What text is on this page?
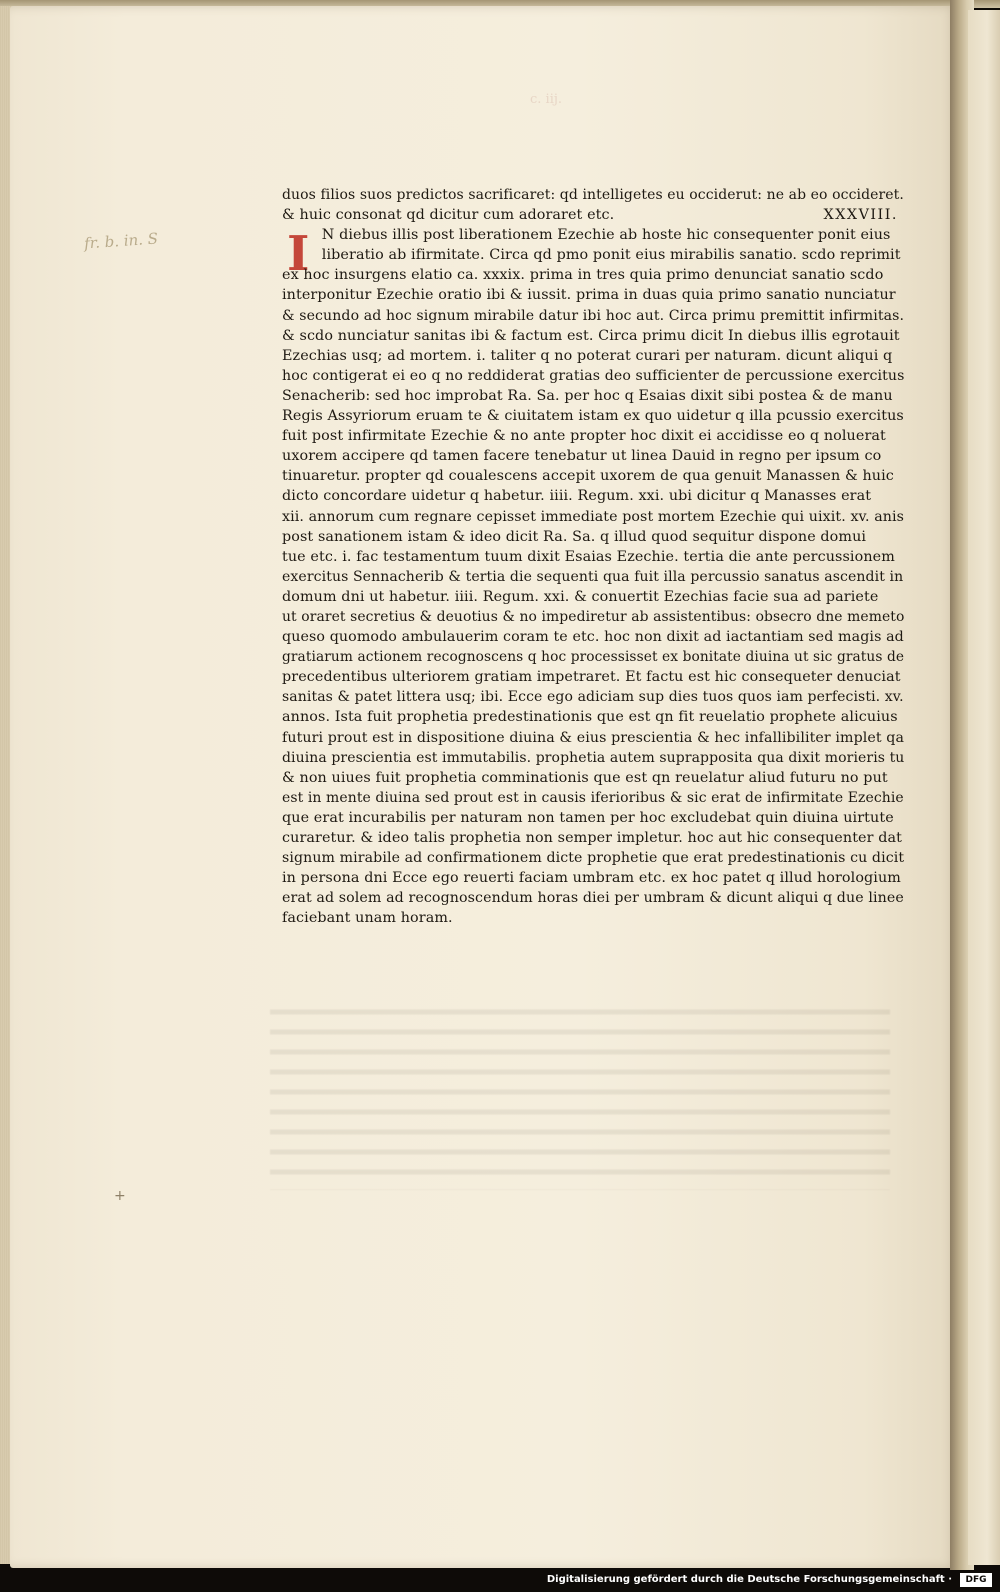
c. iij.
fr. b. in. S	I
duos filios suos predictos sacrificaret: qd intelligetes eu occiderut: ne ab eo occideret.
& huic consonat qd dicitur cum adoraret etc.	XXXVIII.
N diebus illis post liberationem Ezechie ab hoste hic consequenter ponit eius
liberatio ab ifirmitate. Circa qd pmo ponit eius mirabilis sanatio. scdo reprimit
ex hoc insurgens elatio ca. xxxix. prima in tres quia primo denunciat sanatio scdo
interponitur Ezechie oratio ibi & iussit. prima in duas quia primo sanatio nunciatur
& secundo ad hoc signum mirabile datur ibi hoc aut. Circa primu premittit infirmitas.
& scdo nunciatur sanitas ibi & factum est. Circa primu dicit In diebus illis egrotauit
Ezechias usq; ad mortem. i. taliter q no poterat curari per naturam. dicunt aliqui q
hoc contigerat ei eo q no reddiderat gratias deo sufficienter de percussione exercitus
Senacherib: sed hoc improbat Ra. Sa. per hoc q Esaias dixit sibi postea & de manu
Regis Assyriorum eruam te & ciuitatem istam ex quo uidetur q illa pcussio exercitus
fuit post infirmitate Ezechie & no ante propter hoc dixit ei accidisse eo q noluerat
uxorem accipere qd tamen facere tenebatur ut linea Dauid in regno per ipsum co
tinuaretur. propter qd coualescens accepit uxorem de qua genuit Manassen & huic
dicto concordare uidetur q habetur. iiii. Regum. xxi. ubi dicitur q Manasses erat
xii. annorum cum regnare cepisset immediate post mortem Ezechie qui uixit. xv. anis
post sanationem istam & ideo dicit Ra. Sa. q illud quod sequitur dispone domui
tue etc. i. fac testamentum tuum dixit Esaias Ezechie. tertia die ante percussionem
exercitus Sennacherib & tertia die sequenti qua fuit illa percussio sanatus ascendit in
domum dni ut habetur. iiii. Regum. xxi. & conuertit Ezechias facie sua ad pariete
ut oraret secretius & deuotius & no impediretur ab assistentibus: obsecro dne memeto
queso quomodo ambulauerim coram te etc. hoc non dixit ad iactantiam sed magis ad
gratiarum actionem recognoscens q hoc processisset ex bonitate diuina ut sic gratus de
precedentibus ulteriorem gratiam impetraret. Et factu est hic consequeter denuciat
sanitas & patet littera usq; ibi. Ecce ego adiciam sup dies tuos quos iam perfecisti. xv.
annos. Ista fuit prophetia predestinationis que est qn fit reuelatio prophete alicuius
futuri prout est in dispositione diuina & eius prescientia & hec infallibiliter implet qa
diuina prescientia est immutabilis. prophetia autem suprapposita qua dixit morieris tu
& non uiues fuit prophetia comminationis que est qn reuelatur aliud futuru no put
est in mente diuina sed prout est in causis iferioribus & sic erat de infirmitate Ezechie
que erat incurabilis per naturam non tamen per hoc excludebat quin diuina uirtute
curaretur. & ideo talis prophetia non semper impletur. hoc aut hic consequenter dat
signum mirabile ad confirmationem dicte prophetie que erat predestinationis cu dicit
in persona dni Ecce ego reuerti faciam umbram etc. ex hoc patet q illud horologium
erat ad solem ad recognoscendum horas diei per umbram & dicunt aliqui q due linee
faciebant unam horam.
+
Digitalisierung gefördert durch die Deutsche Forschungsgemeinschaft ·	DFG
